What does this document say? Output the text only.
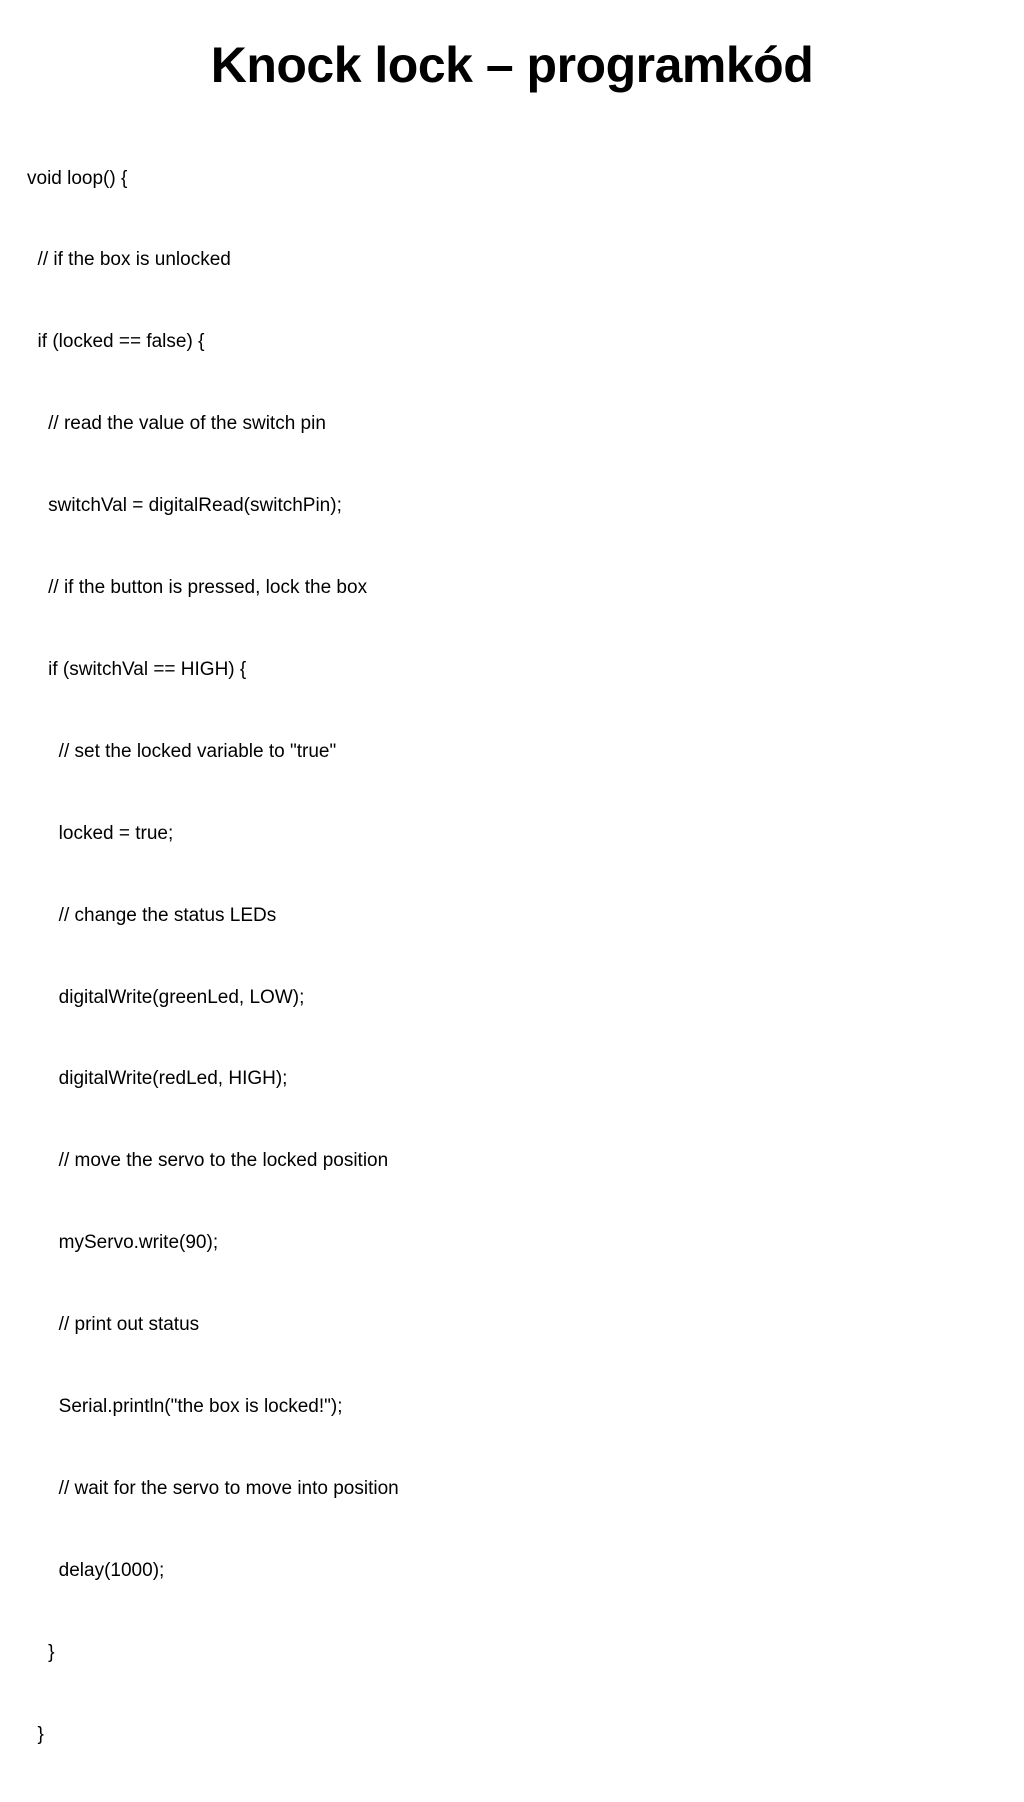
Knock lock – programkód

void loop() {

// if the box is unlocked

if (locked == false) {

// read the value of the switch pin

switchVal = digitalRead(switchPin);

// if the button is pressed, lock the box

if (switchVal == HIGH) {

// set the locked variable to "true"

locked = true;

// change the status LEDs

digitalWrite(greenLed, LOW);

digitalWrite(redLed, HIGH);

// move the servo to the locked position

myServo.write(90);

// print out status

Serial.println("the box is locked!");

// wait for the servo to move into position

delay(1000);

}

}
